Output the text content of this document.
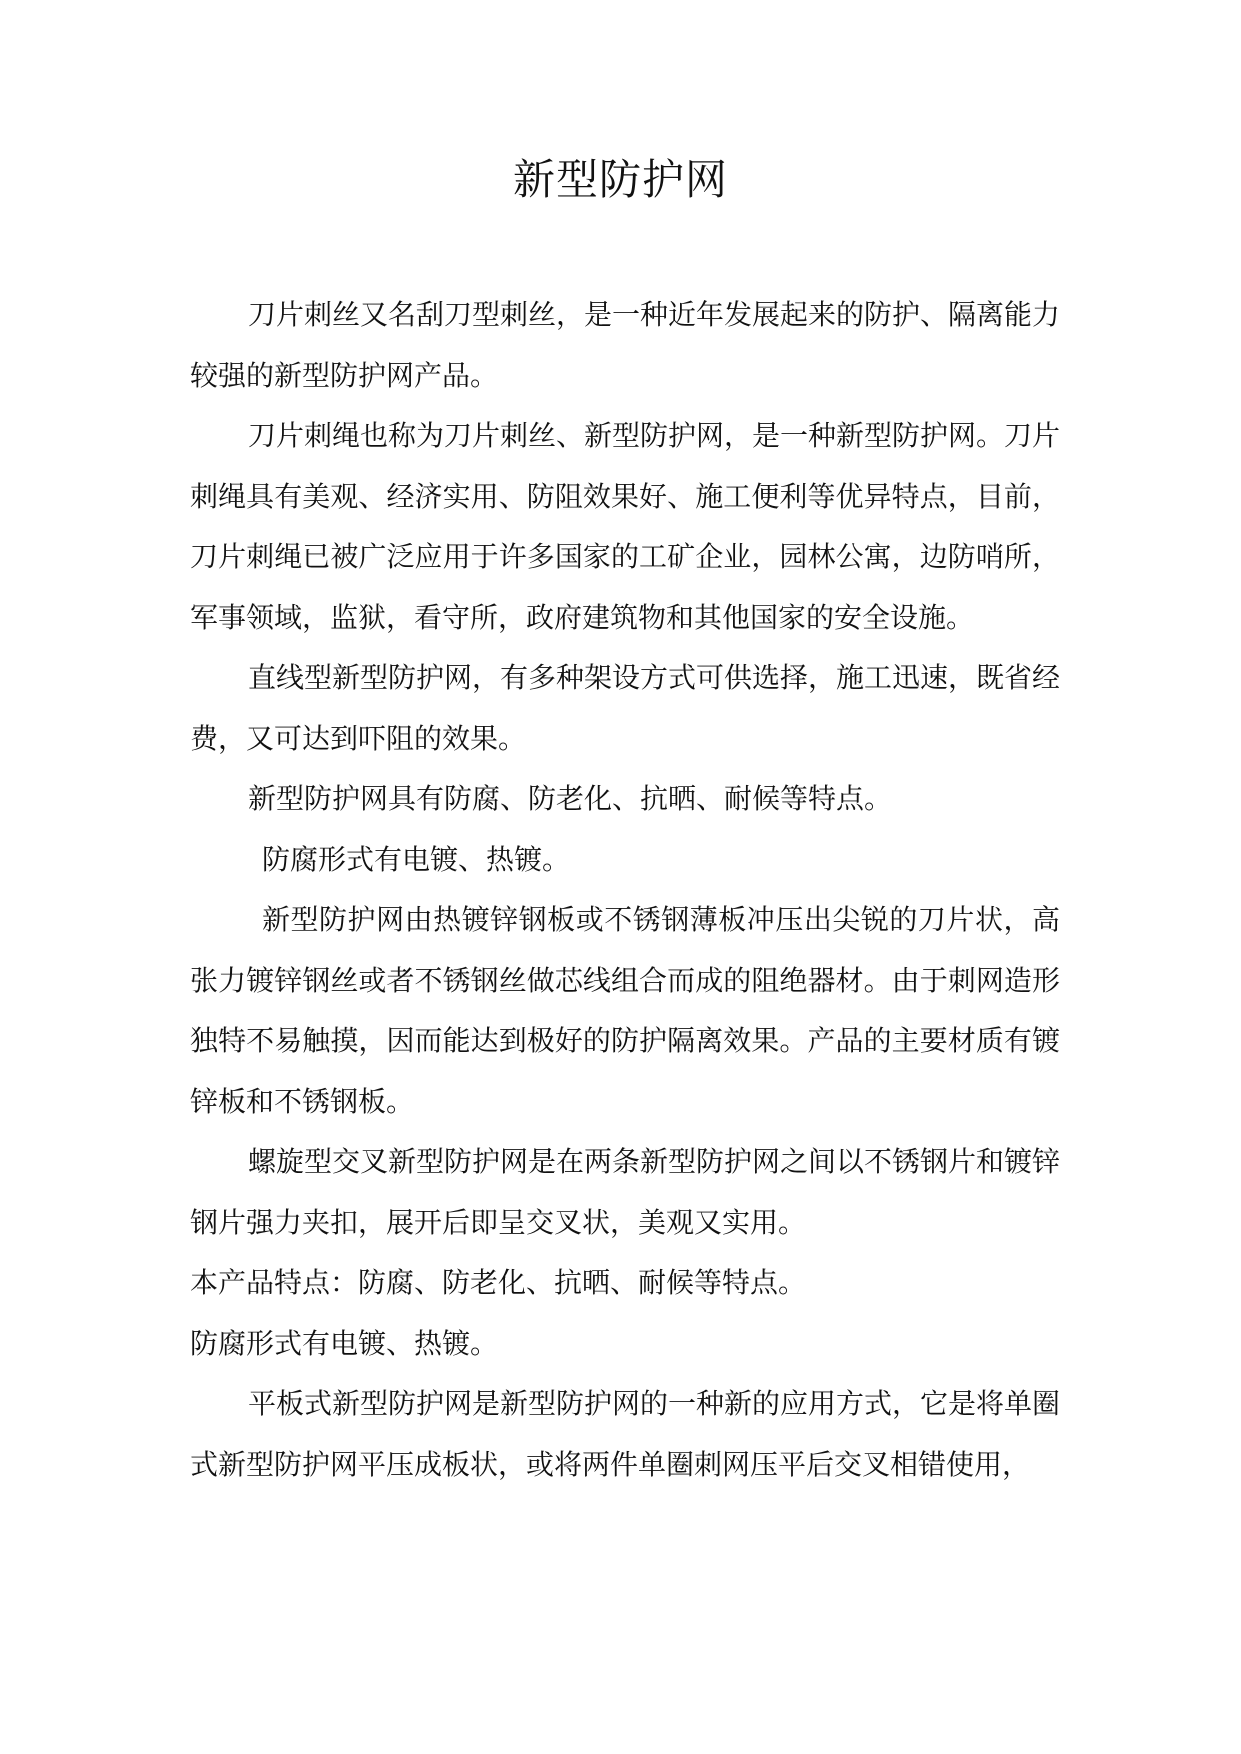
新型防护网

刀片刺丝又名刮刀型刺丝，是一种近年发展起来的防护、隔离能力较强的新型防护网产品。

刀片刺绳也称为刀片刺丝、新型防护网，是一种新型防护网。刀片刺绳具有美观、经济实用、防阻效果好、施工便利等优异特点，目前，刀片刺绳已被广泛应用于许多国家的工矿企业，园林公寓，边防哨所，军事领域，监狱，看守所，政府建筑物和其他国家的安全设施。

直线型新型防护网，有多种架设方式可供选择，施工迅速，既省经费，又可达到吓阻的效果。

新型防护网具有防腐、防老化、抗晒、耐候等特点。

防腐形式有电镀、热镀。

新型防护网由热镀锌钢板或不锈钢薄板冲压出尖锐的刀片状，高张力镀锌钢丝或者不锈钢丝做芯线组合而成的阻绝器材。由于刺网造形独特不易触摸，因而能达到极好的防护隔离效果。产品的主要材质有镀锌板和不锈钢板。

螺旋型交叉新型防护网是在两条新型防护网之间以不锈钢片和镀锌钢片强力夹扣，展开后即呈交叉状，美观又实用。

本产品特点：防腐、防老化、抗晒、耐候等特点。

防腐形式有电镀、热镀。

平板式新型防护网是新型防护网的一种新的应用方式，它是将单圈式新型防护网平压成板状，或将两件单圈刺网压平后交叉相错使用，
